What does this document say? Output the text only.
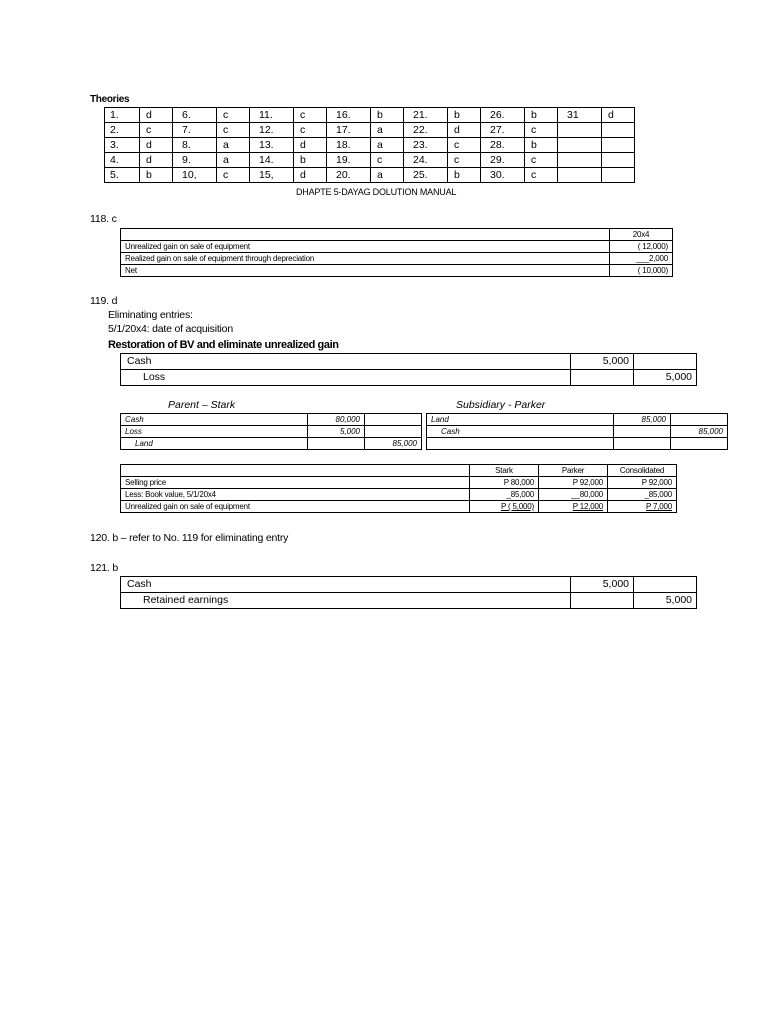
Theories
1.	d	6.	c	11.	c	16.	b	21.	b	26.	b	31	d
2.	c	7.	c	12.	c	17.	a	22.	d	27.	c		
3.	d	8.	a	13.	d	18.	a	23.	c	28.	b		
4.	d	9.	a	14.	b	19.	c	24.	c	29.	c		
5.	b	10,	c	15,	d	20.	a	25.	b	30.	c		
DHAPTE 5-DAYAG DOLUTION MANUAL
118. c
	20x4
Unrealized gain on sale of equipment	( 12,000)
Realized gain on sale of equipment through depreciation	___2,000
Net	( 10,000)
119. d
Eliminating entries:
5/1/20x4: date of acquisition
Restoration of BV and eliminate unrealized gain
Cash	5,000	
Loss		5,000
Parent – Stark	Subsidiary - Parker
Cash	80,000			Land	85,000	
Loss	5,000			Cash		85,000
Land		85,000				
	Stark	Parker	Consolidated
Selling price	P 80,000	P 92,000	P 92,000
Less: Book value, 5/1/20x4	_85,000	__80,000	_85,000
Unrealized gain on sale of equipment	P ( 5,000)	P 12,000	P 7,000
120. b – refer to No. 119 for eliminating entry
121. b
Cash	5,000	
Retained earnings		5,000
